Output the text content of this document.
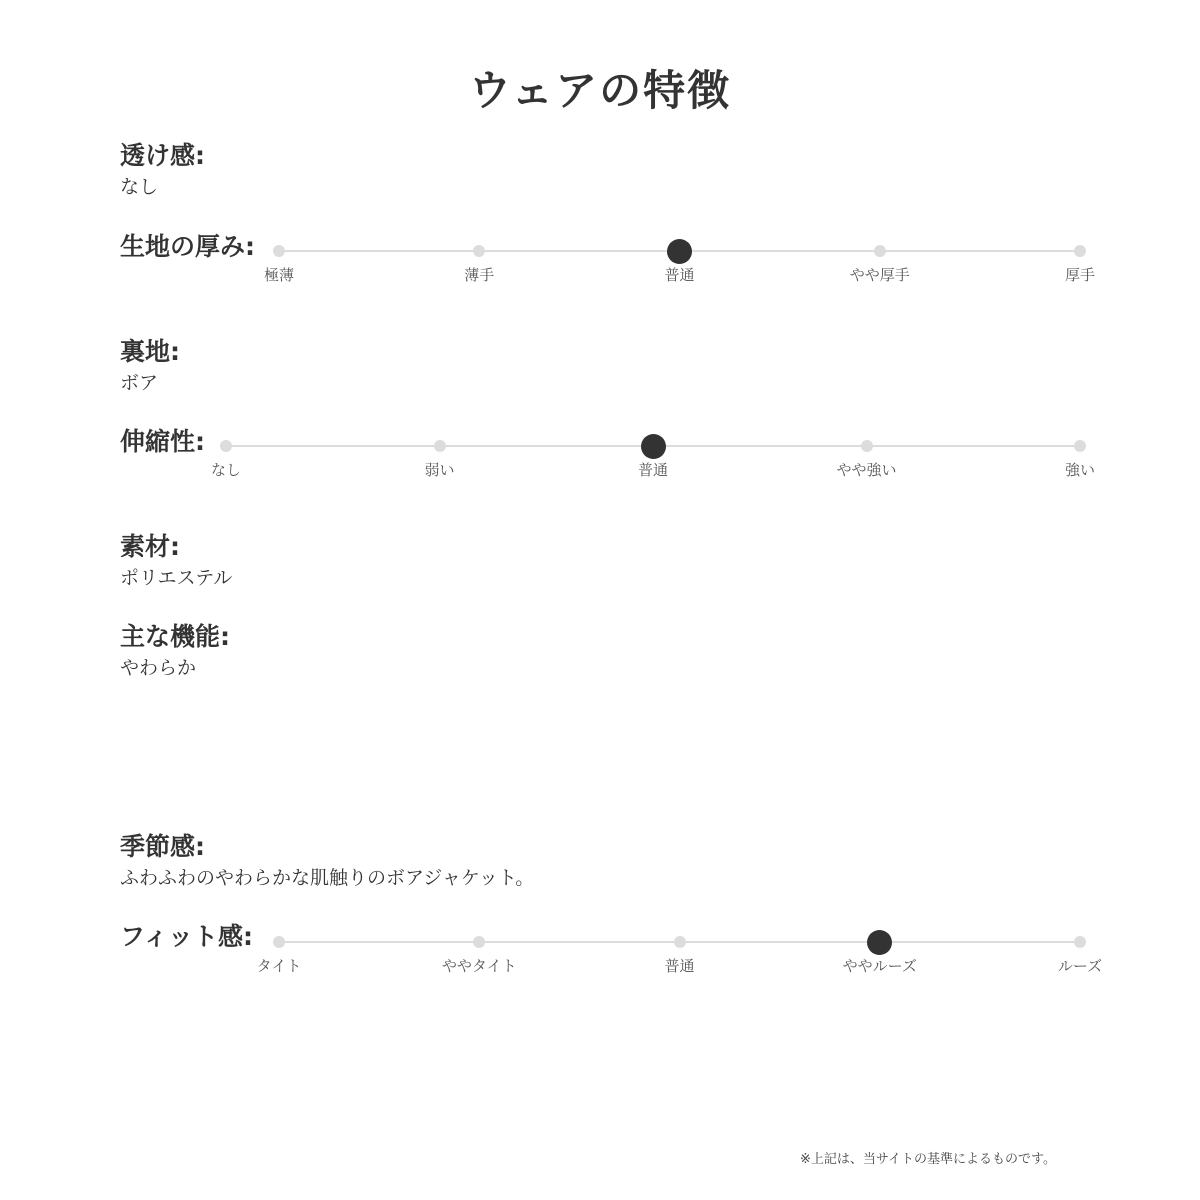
ウェアの特徴
透け感:
なし
生地の厚み:
極薄	薄手	普通	やや厚手	厚手
裏地:
ボア
伸縮性:
なし	弱い	普通	やや強い	強い
素材:
ポリエステル
主な機能:
やわらか
季節感:
ふわふわのやわらかな肌触りのボアジャケット。
フィット感:
タイト	ややタイト	普通	ややルーズ	ルーズ
※上記は、当サイトの基準によるものです。
